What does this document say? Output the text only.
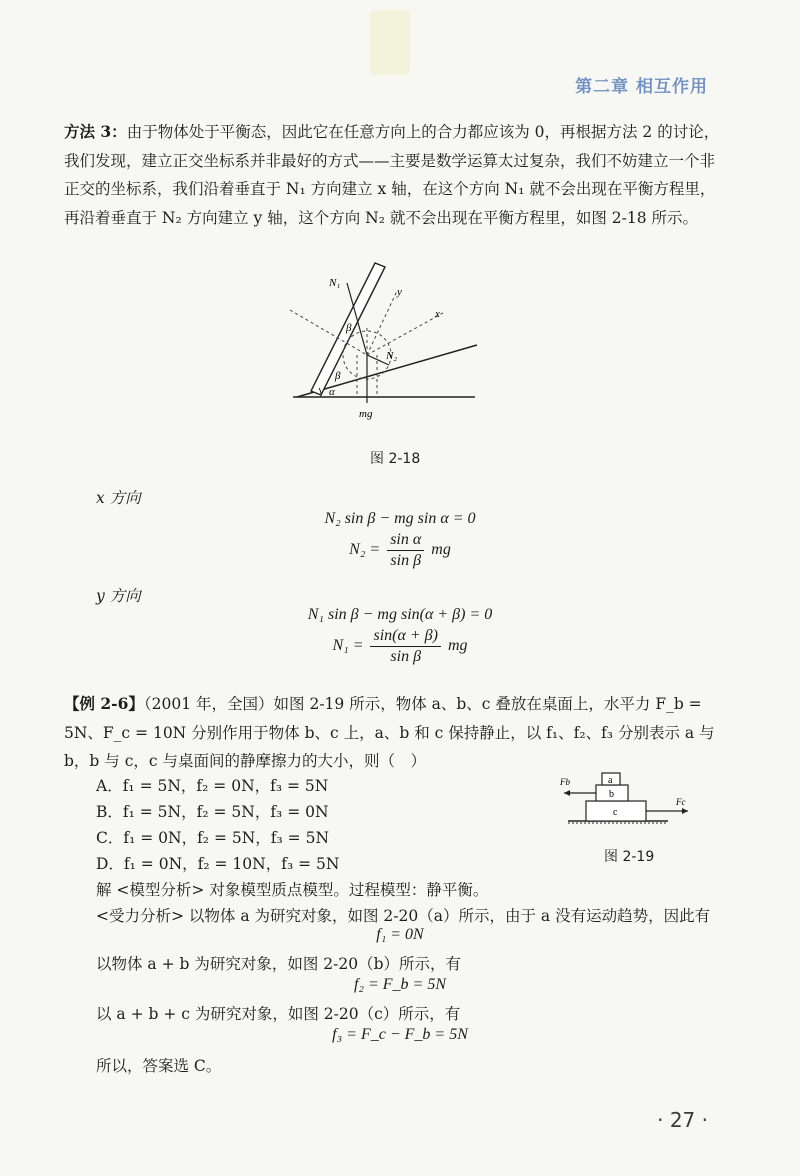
第二章 相互作用

方法 3：由于物体处于平衡态，因此它在任意方向上的合力都应该为 0，再根据方法 2 的讨论，我们发现，建立正交坐标系并非最好的方式——主要是数学运算太过复杂，我们不妨建立一个非正交的坐标系，我们沿着垂直于 N₁ 方向建立 x 轴，在这个方向 N₁ 就不会出现在平衡方程里，再沿着垂直于 N₂ 方向建立 y 轴，这个方向 N₂ 就不会出现在平衡方程里，如图 2-18 所示。

N₁
y
x
N₂
β
β
α
mg
图 2-18
x 方向
N₂ sin β − mg sin α = 0
$N_2 = \frac{\text{sin α}}{\text{sin β}}$ mg
y 方向
N₁ sin β − mg sin(α + β) = 0
$N_1 = \frac{\sin(\alpha + \beta)}{\text{sin β}}$ mg

【例 2-6】（2001 年，全国）如图 2-19 所示，物体 a、b、c 叠放在桌面上，水平力 F_b = 5N、F_c = 10N 分别作用于物体 b、c 上，a、b 和 c 保持静止，以 f₁、f₂、f₃ 分别表示 a 与 b，b 与 c，c 与桌面间的静摩擦力的大小，则（　）

A．f₁ = 5N，f₂ = 0N，f₃ = 5N
B．f₁ = 5N，f₂ = 5N，f₃ = 0N
C．f₁ = 0N，f₂ = 5N，f₃ = 5N
D．f₁ = 0N，f₂ = 10N，f₃ = 5N
a
b
c
Fb
Fc
图 2-19
解 <模型分析> 对象模型质点模型。过程模型：静平衡。
<受力分析> 以物体 a 为研究对象，如图 2-20（a）所示，由于 a 没有运动趋势，因此有
f₁ = 0N
以物体 a + b 为研究对象，如图 2-20（b）所示，有
f₂ = F_b = 5N
以 a + b + c 为研究对象，如图 2-20（c）所示，有
f₃ = F_c − F_b = 5N
所以，答案选 C。
· 27 ·
